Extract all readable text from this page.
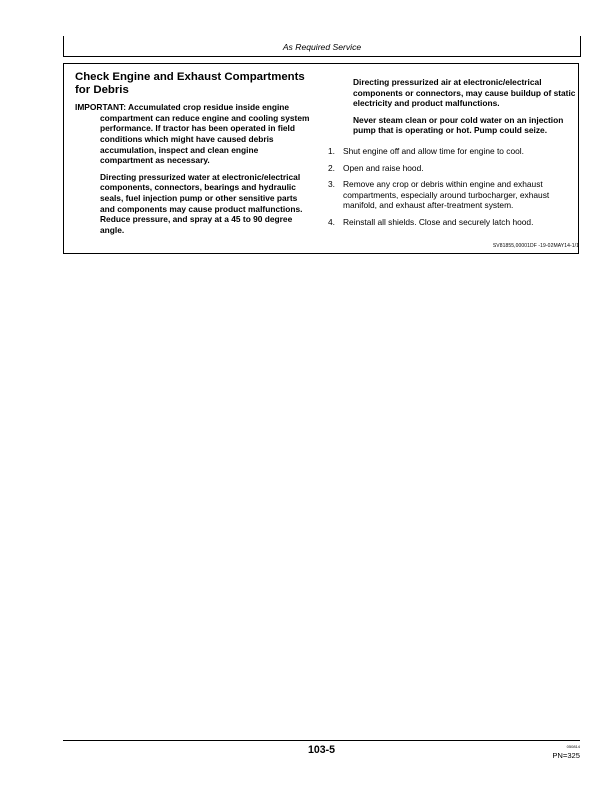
As Required Service
Check Engine and Exhaust Compartments for Debris

IMPORTANT: Accumulated crop residue inside engine compartment can reduce engine and cooling system performance. If tractor has been operated in field conditions which might have caused debris accumulation, inspect and clean engine compartment as necessary.

Directing pressurized water at electronic/electrical components, connectors, bearings and hydraulic seals, fuel injection pump or other sensitive parts and components may cause product malfunctions. Reduce pressure, and spray at a 45 to 90 degree angle.

Directing pressurized air at electronic/electrical components or connectors, may cause buildup of static electricity and product malfunctions.

Never steam clean or pour cold water on an injection pump that is operating or hot. Pump could seize.

1. Shut engine off and allow time for engine to cool.
2. Open and raise hood.
3. Remove any crop or debris within engine and exhaust compartments, especially around turbocharger, exhaust manifold, and exhaust after-treatment system.
4. Reinstall all shields. Close and securely latch hood.
SV81855,00001DF -19-02MAY14-1/1
103-5	050814
PN=325
